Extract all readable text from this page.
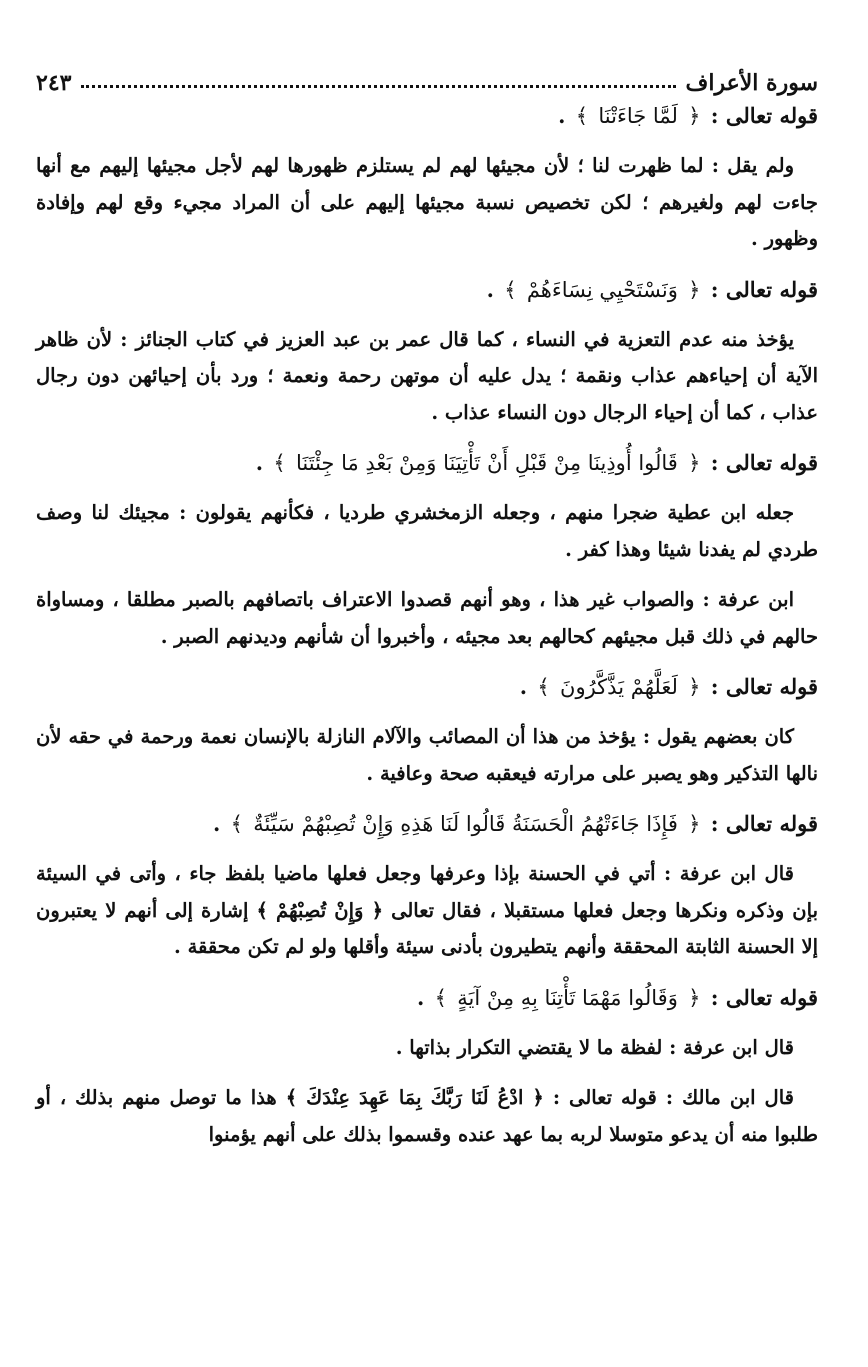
سورة الأعراف
٢٤٣
قوله تعالى : ﴿ لَمَّا جَاءَتْنَا ﴾ .

ولم يقل : لما ظهرت لنا ؛ لأن مجيئها لهم لم يستلزم ظهورها لهم لأجل مجيئها إليهم مع أنها جاءت لهم ولغيرهم ؛ لكن تخصيص نسبة مجيئها إليهم على أن المراد مجيء وقع لهم وإفادة وظهور .

قوله تعالى : ﴿ وَنَسْتَحْيِي نِسَاءَهُمْ ﴾ .

يؤخذ منه عدم التعزية في النساء ، كما قال عمر بن عبد العزيز في كتاب الجنائز : لأن ظاهر الآية أن إحياءهم عذاب ونقمة ؛ يدل عليه أن موتهن رحمة ونعمة ؛ ورد بأن إحيائهن دون رجال عذاب ، كما أن إحياء الرجال دون النساء عذاب .

قوله تعالى : ﴿ قَالُوا أُوذِينَا مِنْ قَبْلِ أَنْ تَأْتِيَنَا وَمِنْ بَعْدِ مَا جِئْتَنَا ﴾ .

جعله ابن عطية ضجرا منهم ، وجعله الزمخشري طرديا ، فكأنهم يقولون : مجيئك لنا وصف طردي لم يفدنا شيئا وهذا كفر .

ابن عرفة : والصواب غير هذا ، وهو أنهم قصدوا الاعتراف باتصافهم بالصبر مطلقا ، ومساواة حالهم في ذلك قبل مجيئهم كحالهم بعد مجيئه ، وأخبروا أن شأنهم وديدنهم الصبر .

قوله تعالى : ﴿ لَعَلَّهُمْ يَذَّكَّرُونَ ﴾ .

كان بعضهم يقول : يؤخذ من هذا أن المصائب والآلام النازلة بالإنسان نعمة ورحمة في حقه لأن نالها التذكير وهو يصبر على مرارته فيعقبه صحة وعافية .

قوله تعالى : ﴿ فَإِذَا جَاءَتْهُمُ الْحَسَنَةُ قَالُوا لَنَا هَذِهِ وَإِنْ تُصِبْهُمْ سَيِّئَةٌ ﴾ .

قال ابن عرفة : أتي في الحسنة بإذا وعرفها وجعل فعلها ماضيا بلفظ جاء ، وأتى في السيئة بإن وذكره ونكرها وجعل فعلها مستقبلا ، فقال تعالى ﴿ وَإِنْ تُصِبْهُمْ ﴾ إشارة إلى أنهم لا يعتبرون إلا الحسنة الثابتة المحققة وأنهم يتطيرون بأدنى سيئة وأقلها ولو لم تكن محققة .

قوله تعالى : ﴿ وَقَالُوا مَهْمَا تَأْتِنَا بِهِ مِنْ آيَةٍ ﴾ .

قال ابن عرفة : لفظة ما لا يقتضي التكرار بذاتها .

قال ابن مالك : قوله تعالى : ﴿ ادْعُ لَنَا رَبَّكَ بِمَا عَهِدَ عِنْدَكَ ﴾ هذا ما توصل منهم بذلك ، أو طلبوا منه أن يدعو متوسلا لربه بما عهد عنده وقسموا بذلك على أنهم يؤمنوا
